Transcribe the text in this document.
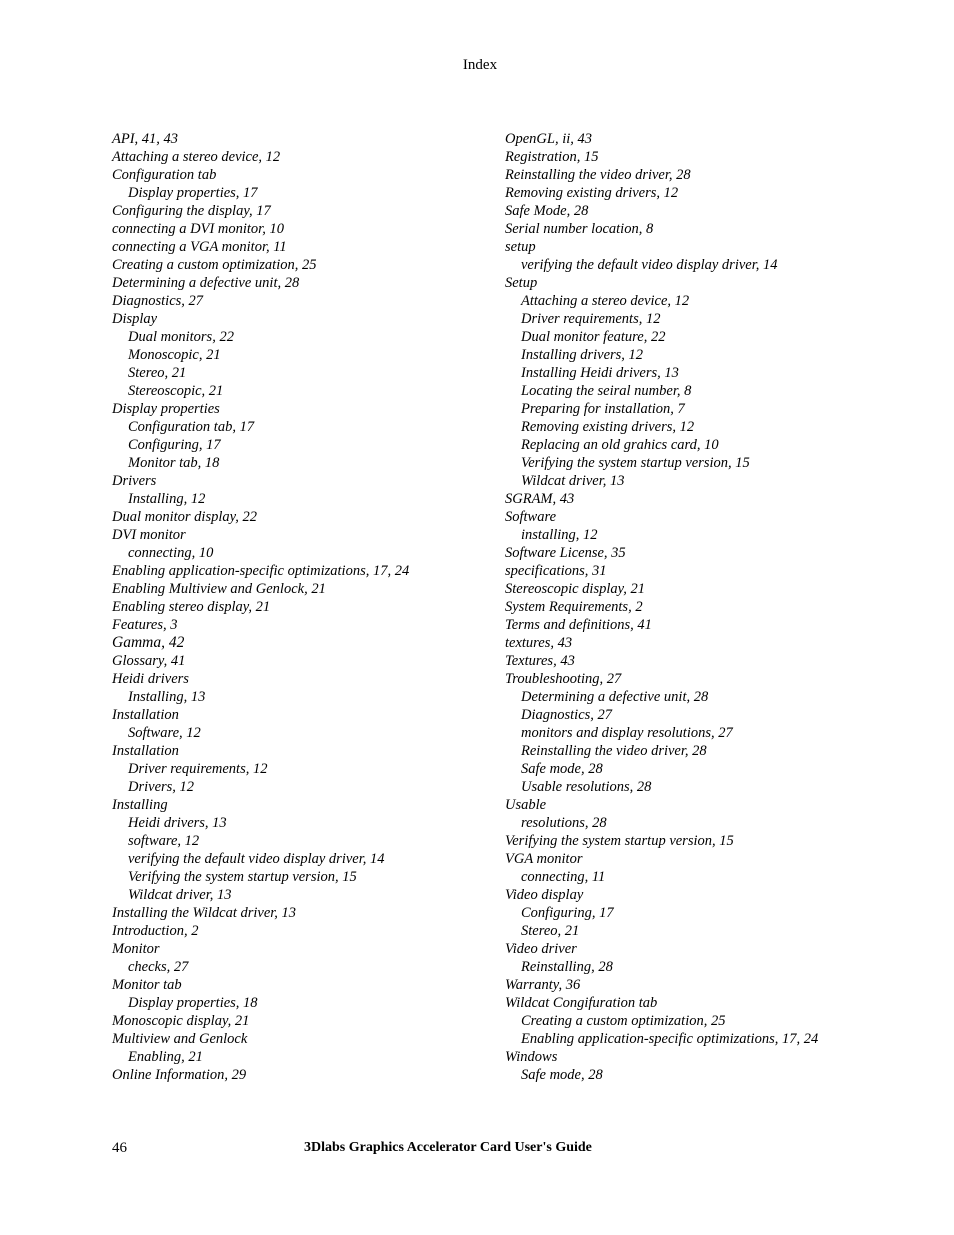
Index
API, 41, 43
Attaching a stereo device, 12
Configuration tab
Display properties, 17
Configuring the display, 17
connecting a DVI monitor, 10
connecting a VGA monitor, 11
Creating a custom optimization, 25
Determining a defective unit, 28
Diagnostics, 27
Display
Dual monitors, 22
Monoscopic, 21
Stereo, 21
Stereoscopic, 21
Display properties
Configuration tab, 17
Configuring, 17
Monitor tab, 18
Drivers
Installing, 12
Dual monitor display, 22
DVI monitor
connecting, 10
Enabling application-specific optimizations, 17, 24
Enabling Multiview and Genlock, 21
Enabling stereo display, 21
Features, 3
Gamma, 42
Glossary, 41
Heidi drivers
Installing, 13
Installation
Software, 12
Installation
Driver requirements, 12
Drivers, 12
Installing
Heidi drivers, 13
software, 12
verifying the default video display driver, 14
Verifying the system startup version, 15
Wildcat driver, 13
Installing the Wildcat driver, 13
Introduction, 2
Monitor
checks, 27
Monitor tab
Display properties, 18
Monoscopic display, 21
Multiview and Genlock
Enabling, 21
Online Information, 29
OpenGL, ii, 43
Registration, 15
Reinstalling the video driver, 28
Removing existing drivers, 12
Safe Mode, 28
Serial number location, 8
setup
verifying the default video display driver, 14
Setup
Attaching a stereo device, 12
Driver requirements, 12
Dual monitor feature, 22
Installing drivers, 12
Installing Heidi drivers, 13
Locating the seiral number, 8
Preparing for installation, 7
Removing existing drivers, 12
Replacing an old grahics card, 10
Verifying the system startup version, 15
Wildcat driver, 13
SGRAM, 43
Software
installing, 12
Software License, 35
specifications, 31
Stereoscopic display, 21
System Requirements, 2
Terms and definitions, 41
textures, 43
Textures, 43
Troubleshooting, 27
Determining a defective unit, 28
Diagnostics, 27
monitors and display resolutions, 27
Reinstalling the video driver, 28
Safe mode, 28
Usable resolutions, 28
Usable
resolutions, 28
Verifying the system startup version, 15
VGA monitor
connecting, 11
Video display
Configuring, 17
Stereo, 21
Video driver
Reinstalling, 28
Warranty, 36
Wildcat Congifuration tab
Creating a custom optimization, 25
Enabling application-specific optimizations, 17, 24
Windows
Safe mode, 28
46	3Dlabs Graphics Accelerator Card User's Guide
